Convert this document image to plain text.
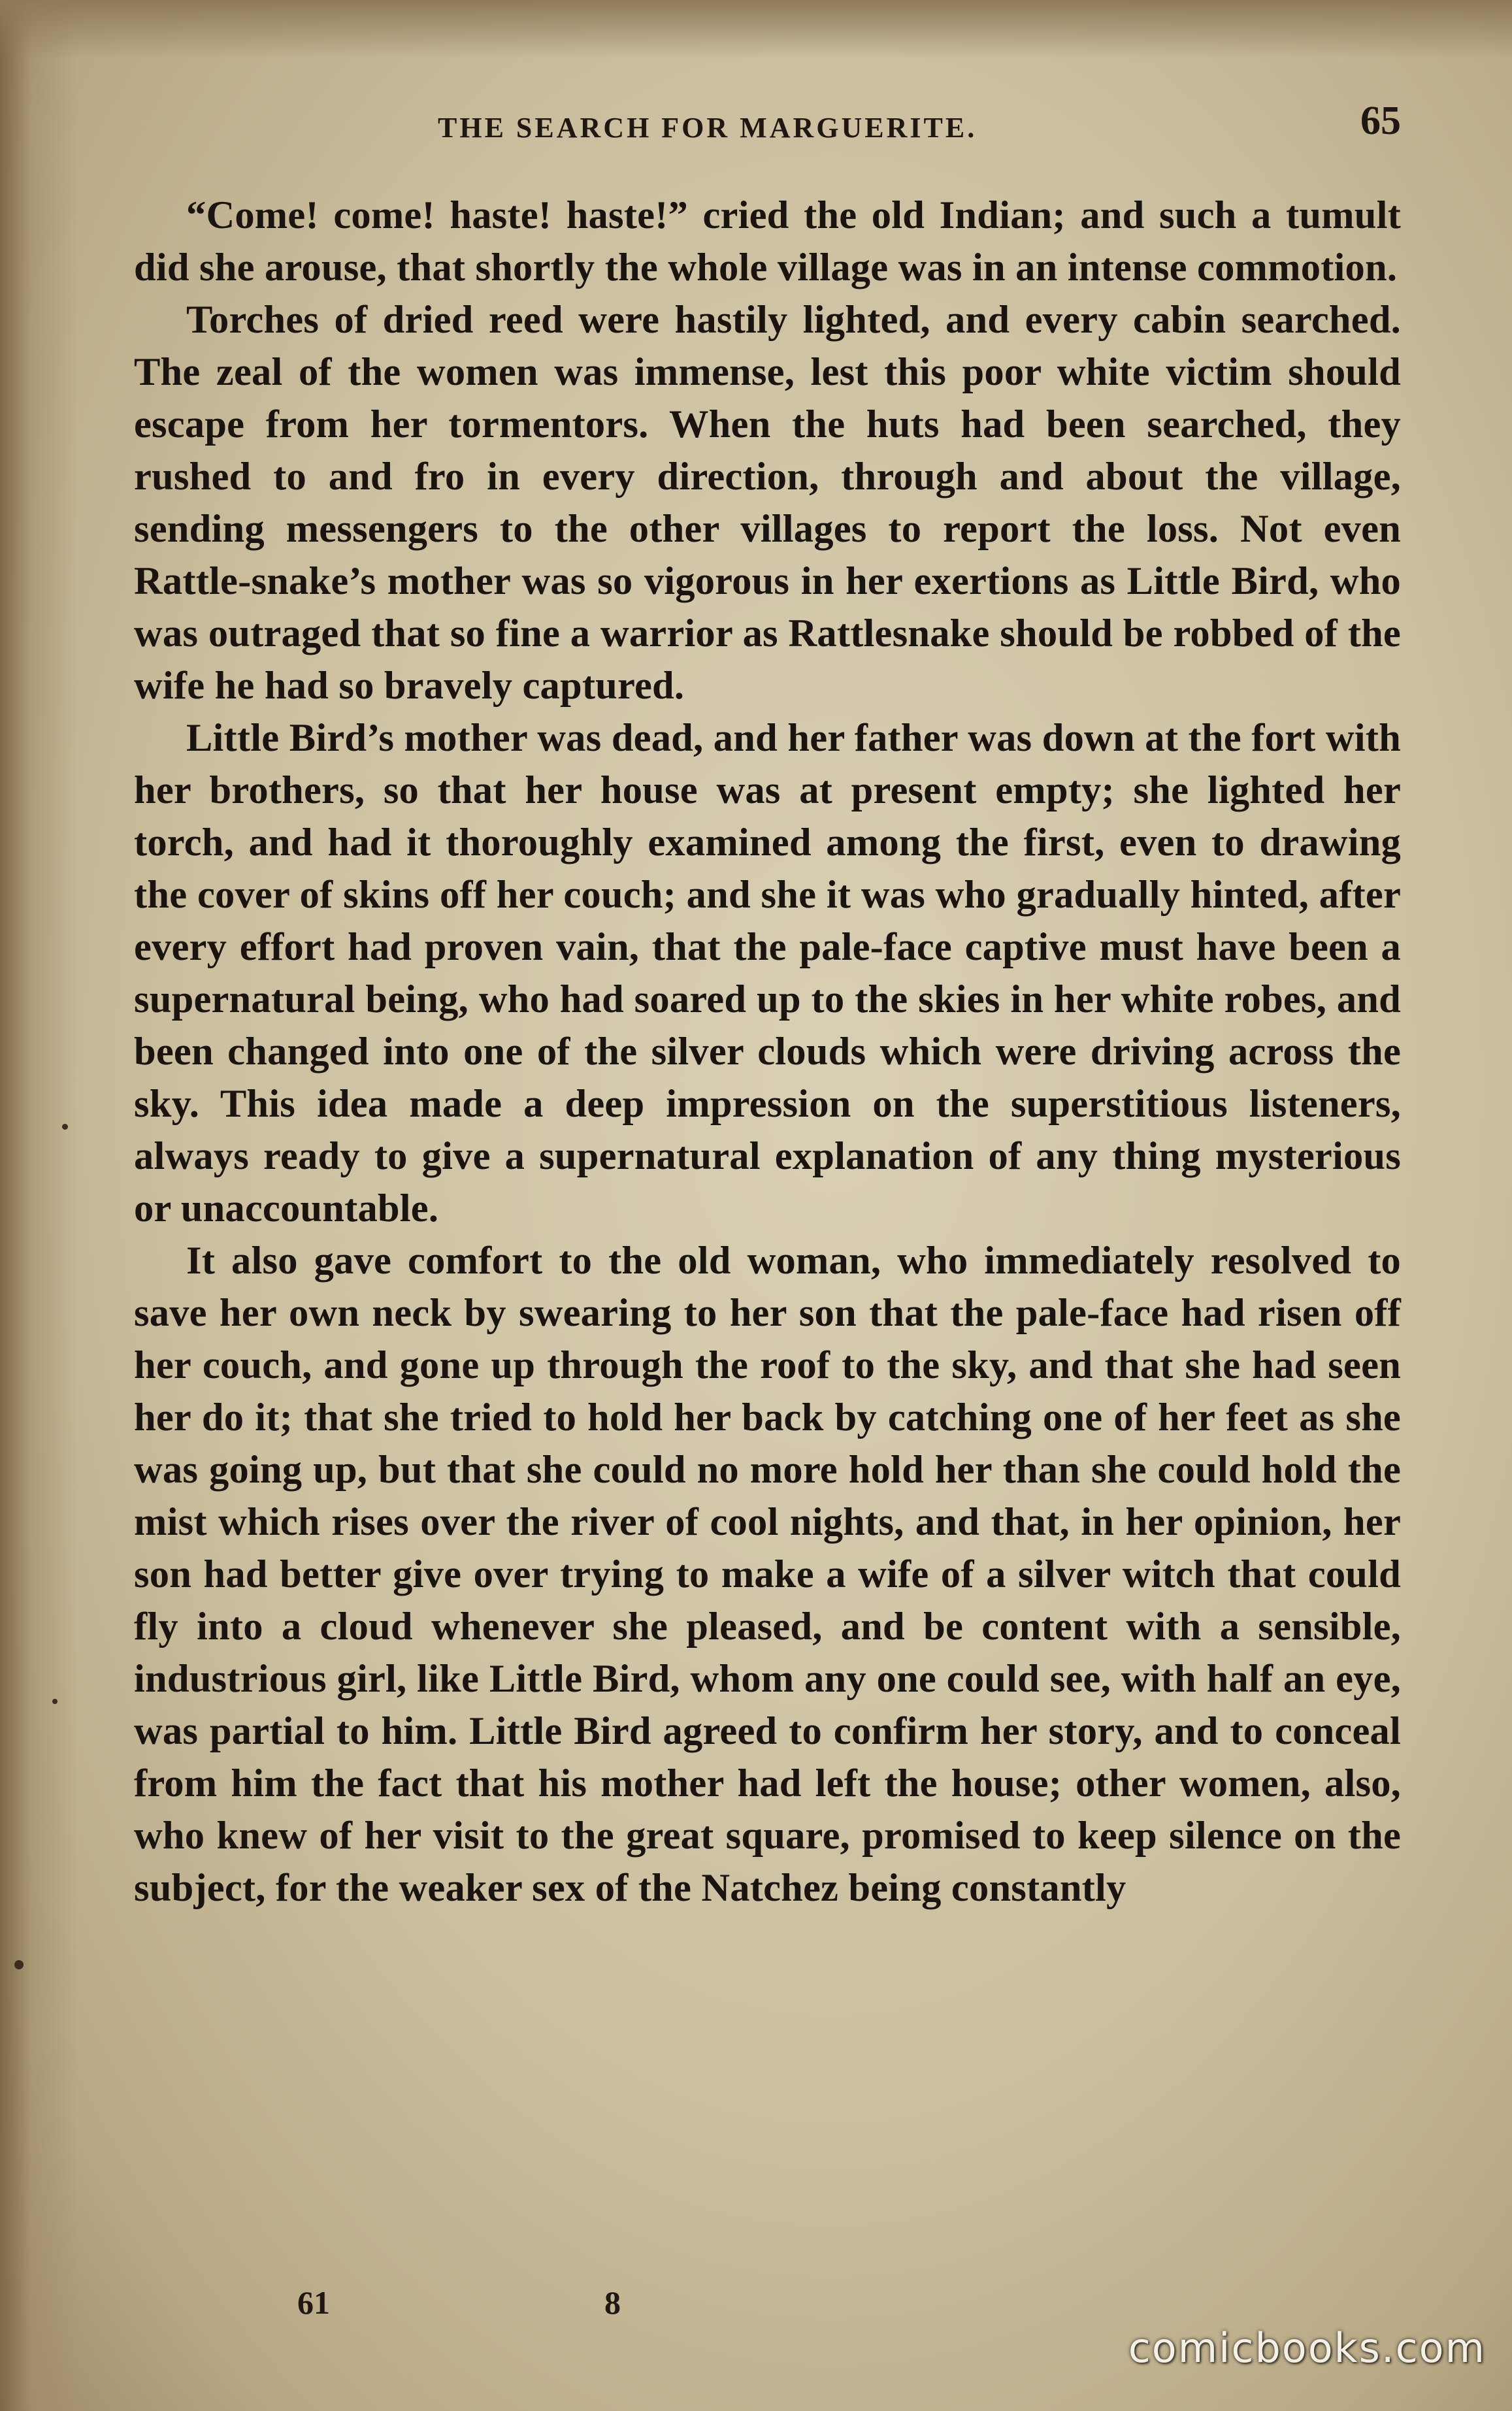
THE SEARCH FOR MARGUERITE.	65

“Come! come! haste! haste!” cried the old Indian; and such a tumult did she arouse, that shortly the whole village was in an intense commotion.

Torches of dried reed were hastily lighted, and every cabin searched. The zeal of the women was immense, lest this poor white victim should escape from her tormentors. When the huts had been searched, they rushed to and fro in every direction, through and about the village, sending messengers to the other villages to report the loss. Not even Rattle-snake’s mother was so vigorous in her exertions as Little Bird, who was outraged that so fine a warrior as Rattlesnake should be robbed of the wife he had so bravely captured.

Little Bird’s mother was dead, and her father was down at the fort with her brothers, so that her house was at present empty; she lighted her torch, and had it thoroughly examined among the first, even to drawing the cover of skins off her couch; and she it was who gradually hinted, after every effort had proven vain, that the pale-face captive must have been a supernatural being, who had soared up to the skies in her white robes, and been changed into one of the silver clouds which were driving across the sky. This idea made a deep impression on the superstitious listeners, always ready to give a supernatural explanation of any thing mysterious or unaccountable.

It also gave comfort to the old woman, who immediately resolved to save her own neck by swearing to her son that the pale-face had risen off her couch, and gone up through the roof to the sky, and that she had seen her do it; that she tried to hold her back by catching one of her feet as she was going up, but that she could no more hold her than she could hold the mist which rises over the river of cool nights, and that, in her opinion, her son had better give over trying to make a wife of a silver witch that could fly into a cloud whenever she pleased, and be content with a sensible, industrious girl, like Little Bird, whom any one could see, with half an eye, was partial to him. Little Bird agreed to confirm her story, and to conceal from him the fact that his mother had left the house; other women, also, who knew of her visit to the great square, promised to keep silence on the subject, for the weaker sex of the Natchez being constantly

61	8
comicbooks.com
